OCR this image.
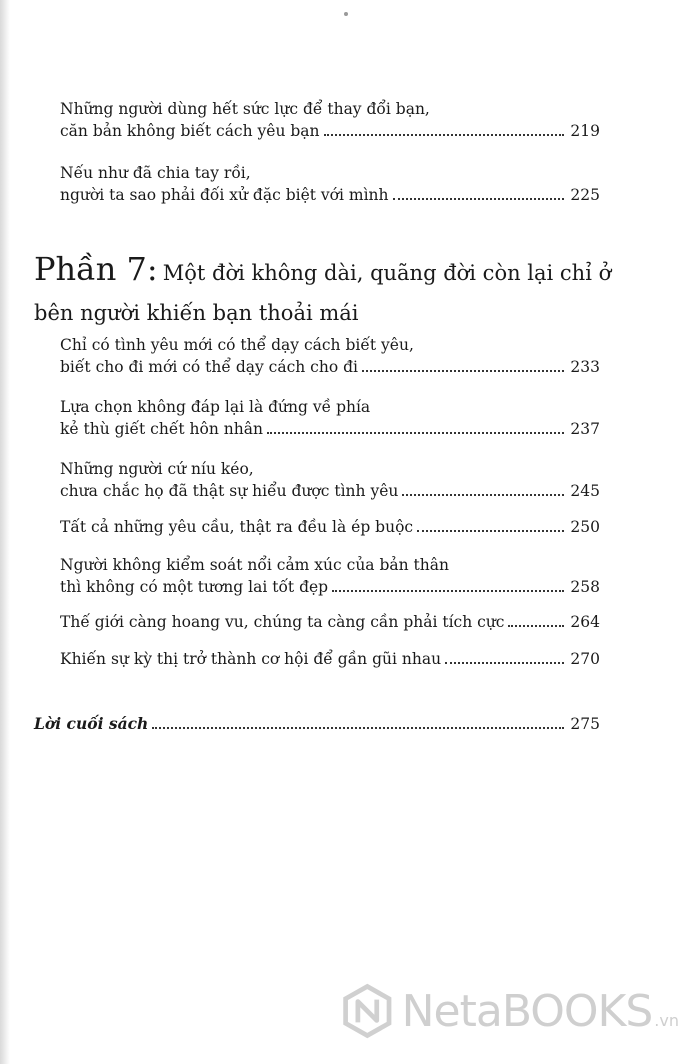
Những người dùng hết sức lực để thay đổi bạn,
căn bản không biết cách yêu bạn	219
Nếu như đã chia tay rồi,
người ta sao phải đối xử đặc biệt với mình	225
Phần 7: Một đời không dài, quãng đời còn lại chỉ ở
bên người khiến bạn thoải mái
Chỉ có tình yêu mới có thể dạy cách biết yêu,
biết cho đi mới có thể dạy cách cho đi	233
Lựa chọn không đáp lại là đứng về phía
kẻ thù giết chết hôn nhân	237
Những người cứ níu kéo,
chưa chắc họ đã thật sự hiểu được tình yêu	245
Tất cả những yêu cầu, thật ra đều là ép buộc	250
Người không kiểm soát nổi cảm xúc của bản thân
thì không có một tương lai tốt đẹp	258
Thế giới càng hoang vu, chúng ta càng cần phải tích cực	264
Khiến sự kỳ thị trở thành cơ hội để gần gũi nhau	270
Lời cuối sách	275
NetaBOOKS .vn
